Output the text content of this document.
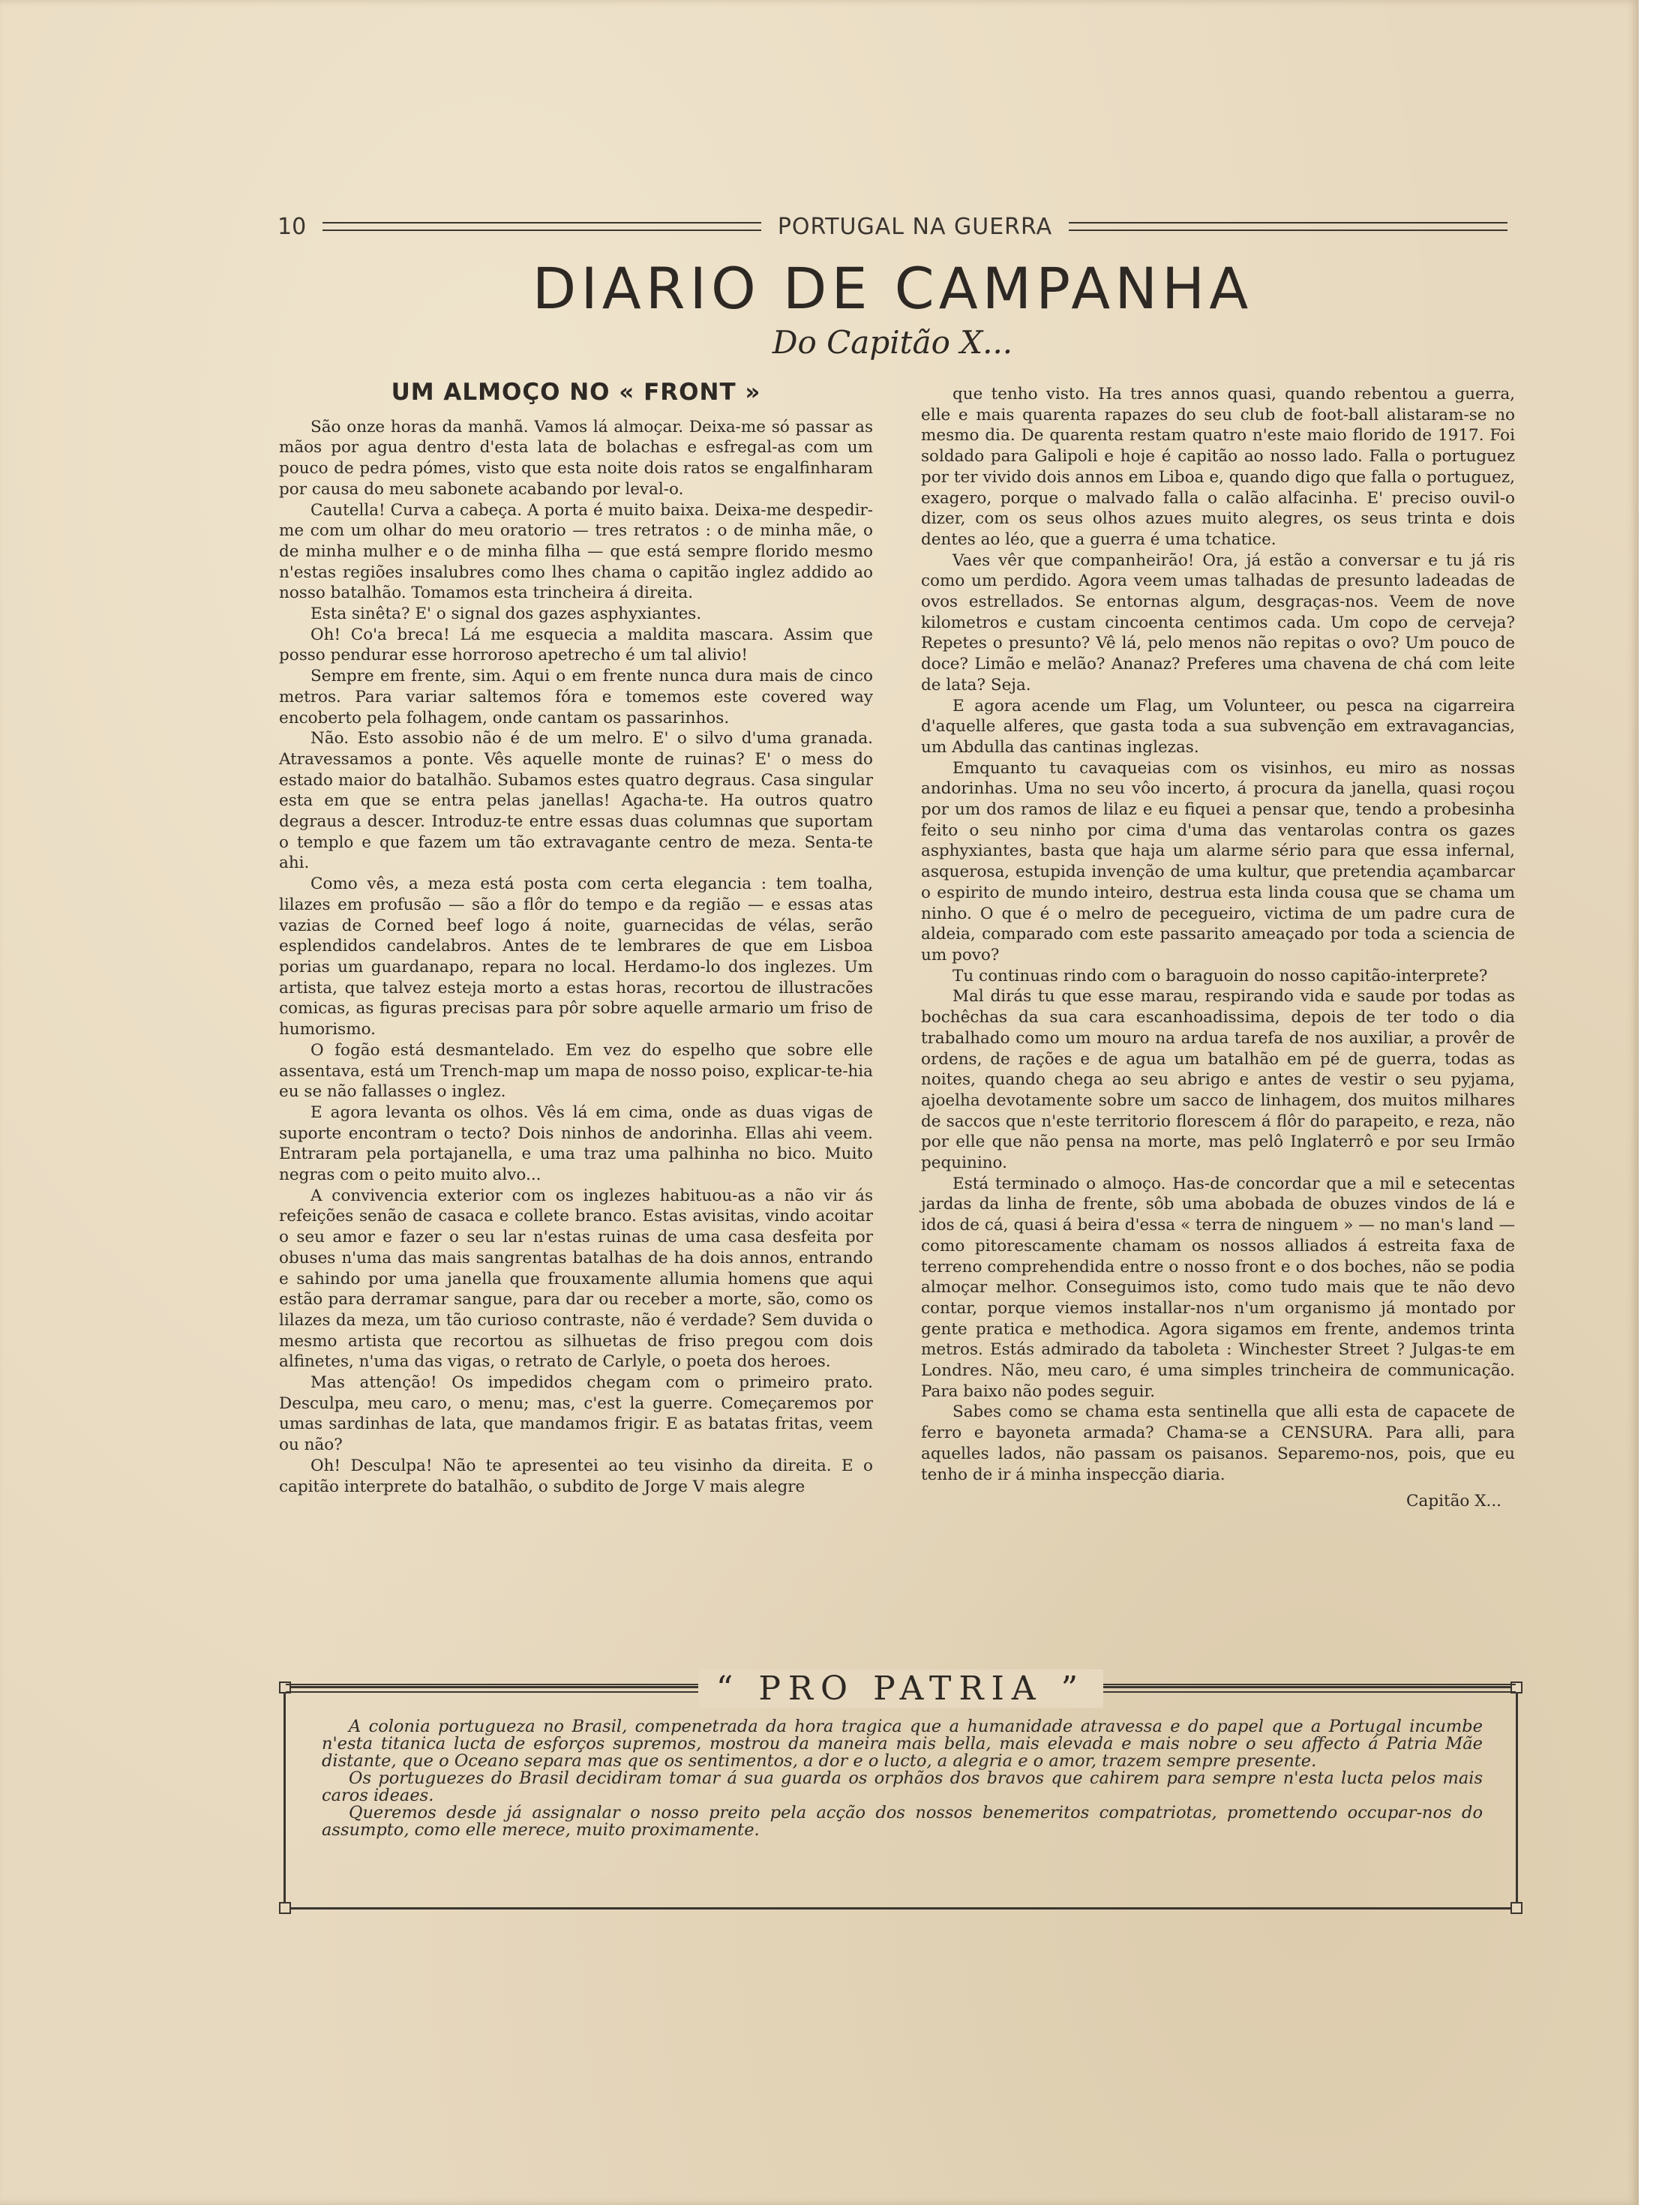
10	PORTUGAL NA GUERRA
DIARIO DE CAMPANHA
Do Capitão X...
UM ALMOÇO NO « FRONT »

São onze horas da manhã. Vamos lá almoçar. Deixa-me só passar as mãos por agua dentro d'esta lata de bolachas e esfregal-as com um pouco de pedra pómes, visto que esta noite dois ratos se engalfinharam por causa do meu sabonete acabando por leval-o.

Cautella! Curva a cabeça. A porta é muito baixa. Deixa-me despedir-me com um olhar do meu oratorio — tres retratos : o de minha mãe, o de minha mulher e o de minha filha — que está sempre florido mesmo n'estas regiões insalubres como lhes chama o capitão inglez addido ao nosso batalhão. Tomamos esta trincheira á direita.

Esta sinêta? E' o signal dos gazes asphyxiantes.

Oh! Co'a breca! Lá me esquecia a maldita mascara. Assim que posso pendurar esse horroroso apetrecho é um tal alivio!

Sempre em frente, sim. Aqui o em frente nunca dura mais de cinco metros. Para variar saltemos fóra e tomemos este covered way encoberto pela folhagem, onde cantam os passarinhos.

Não. Esto assobio não é de um melro. E' o silvo d'uma granada. Atravessamos a ponte. Vês aquelle monte de ruinas? E' o mess do estado maior do batalhão. Subamos estes quatro degraus. Casa singular esta em que se entra pelas janellas! Agacha-te. Ha outros quatro degraus a descer. Introduz-te entre essas duas columnas que suportam o templo e que fazem um tão extravagante centro de meza. Senta-te ahi.

Como vês, a meza está posta com certa elegancia : tem toalha, lilazes em profusão — são a flôr do tempo e da região — e essas atas vazias de Corned beef logo á noite, guarnecidas de vélas, serão esplendidos candelabros. Antes de te lembrares de que em Lisboa porias um guardanapo, repara no local. Herdamo-lo dos inglezes. Um artista, que talvez esteja morto a estas horas, recortou de illustracões comicas, as figuras precisas para pôr sobre aquelle armario um friso de humorismo.

O fogão está desmantelado. Em vez do espelho que sobre elle assentava, está um Trench-map um mapa de nosso poiso, explicar-te-hia eu se não fallasses o inglez.

E agora levanta os olhos. Vês lá em cima, onde as duas vigas de suporte encontram o tecto? Dois ninhos de andorinha. Ellas ahi veem. Entraram pela portajanella, e uma traz uma palhinha no bico. Muito negras com o peito muito alvo...

A convivencia exterior com os inglezes habituou-as a não vir ás refeições senão de casaca e collete branco. Estas avisitas, vindo acoitar o seu amor e fazer o seu lar n'estas ruinas de uma casa desfeita por obuses n'uma das mais sangrentas batalhas de ha dois annos, entrando e sahindo por uma janella que frouxamente allumia homens que aqui estão para derramar sangue, para dar ou receber a morte, são, como os lilazes da meza, um tão curioso contraste, não é verdade? Sem duvida o mesmo artista que recortou as silhuetas de friso pregou com dois alfinetes, n'uma das vigas, o retrato de Carlyle, o poeta dos heroes.

Mas attenção! Os impedidos chegam com o primeiro prato. Desculpa, meu caro, o menu; mas, c'est la guerre. Começaremos por umas sardinhas de lata, que mandamos frigir. E as batatas fritas, veem ou não?

Oh! Desculpa! Não te apresentei ao teu visinho da direita. E o capitão interprete do batalhão, o subdito de Jorge V mais alegre

que tenho visto. Ha tres annos quasi, quando rebentou a guerra, elle e mais quarenta rapazes do seu club de foot-ball alistaram-se no mesmo dia. De quarenta restam quatro n'este maio florido de 1917. Foi soldado para Galipoli e hoje é capitão ao nosso lado. Falla o portuguez por ter vivido dois annos em Liboa e, quando digo que falla o portuguez, exagero, porque o malvado falla o calão alfacinha. E' preciso ouvil-o dizer, com os seus olhos azues muito alegres, os seus trinta e dois dentes ao léo, que a guerra é uma tchatice.

Vaes vêr que companheirão! Ora, já estão a conversar e tu já ris como um perdido. Agora veem umas talhadas de presunto ladeadas de ovos estrellados. Se entornas algum, desgraças-nos. Veem de nove kilometros e custam cincoenta centimos cada. Um copo de cerveja? Repetes o presunto? Vê lá, pelo menos não repitas o ovo? Um pouco de doce? Limão e melão? Ananaz? Preferes uma chavena de chá com leite de lata? Seja.

E agora acende um Flag, um Volunteer, ou pesca na cigarreira d'aquelle alferes, que gasta toda a sua subvenção em extravagancias, um Abdulla das cantinas inglezas.

Emquanto tu cavaqueias com os visinhos, eu miro as nossas andorinhas. Uma no seu vôo incerto, á procura da janella, quasi roçou por um dos ramos de lilaz e eu fiquei a pensar que, tendo a probesinha feito o seu ninho por cima d'uma das ventarolas contra os gazes asphyxiantes, basta que haja um alarme sério para que essa infernal, asquerosa, estupida invenção de uma kultur, que pretendia açambarcar o espirito de mundo inteiro, destrua esta linda cousa que se chama um ninho. O que é o melro de pecegueiro, victima de um padre cura de aldeia, comparado com este passarito ameaçado por toda a sciencia de um povo?

Tu continuas rindo com o baraguoin do nosso capitão-interprete?

Mal dirás tu que esse marau, respirando vida e saude por todas as bochêchas da sua cara escanhoadissima, depois de ter todo o dia trabalhado como um mouro na ardua tarefa de nos auxiliar, a provêr de ordens, de rações e de agua um batalhão em pé de guerra, todas as noites, quando chega ao seu abrigo e antes de vestir o seu pyjama, ajoelha devotamente sobre um sacco de linhagem, dos muitos milhares de saccos que n'este territorio florescem á flôr do parapeito, e reza, não por elle que não pensa na morte, mas pelô Inglaterrô e por seu Irmão pequinino.

Está terminado o almoço. Has-de concordar que a mil e setecentas jardas da linha de frente, sôb uma abobada de obuzes vindos de lá e idos de cá, quasi á beira d'essa « terra de ninguem » — no man's land — como pitorescamente chamam os nossos alliados á estreita faxa de terreno comprehendida entre o nosso front e o dos boches, não se podia almoçar melhor. Conseguimos isto, como tudo mais que te não devo contar, porque viemos installar-nos n'um organismo já montado por gente pratica e methodica. Agora sigamos em frente, andemos trinta metros. Estás admirado da taboleta : Winchester Street ? Julgas-te em Londres. Não, meu caro, é uma simples trincheira de communicação. Para baixo não podes seguir.

Sabes como se chama esta sentinella que alli esta de capacete de ferro e bayoneta armada? Chama-se a CENSURA. Para alli, para aquelles lados, não passam os paisanos. Separemo-nos, pois, que eu tenho de ir á minha inspecção diaria.

Capitão X...
“ PRO PATRIA ”

A colonia portugueza no Brasil, compenetrada da hora tragica que a humanidade atravessa e do papel que a Portugal incumbe n'esta titanica lucta de esforços supremos, mostrou da maneira mais bella, mais elevada e mais nobre o seu affecto á Patria Mãe distante, que o Oceano separa mas que os sentimentos, a dor e o lucto, a alegria e o amor, trazem sempre presente.

Os portuguezes do Brasil decidiram tomar á sua guarda os orphãos dos bravos que cahirem para sempre n'esta lucta pelos mais caros ideaes.

Queremos desde já assignalar o nosso preito pela acção dos nossos benemeritos compatriotas, promettendo occupar-nos do assumpto, como elle merece, muito proximamente.
